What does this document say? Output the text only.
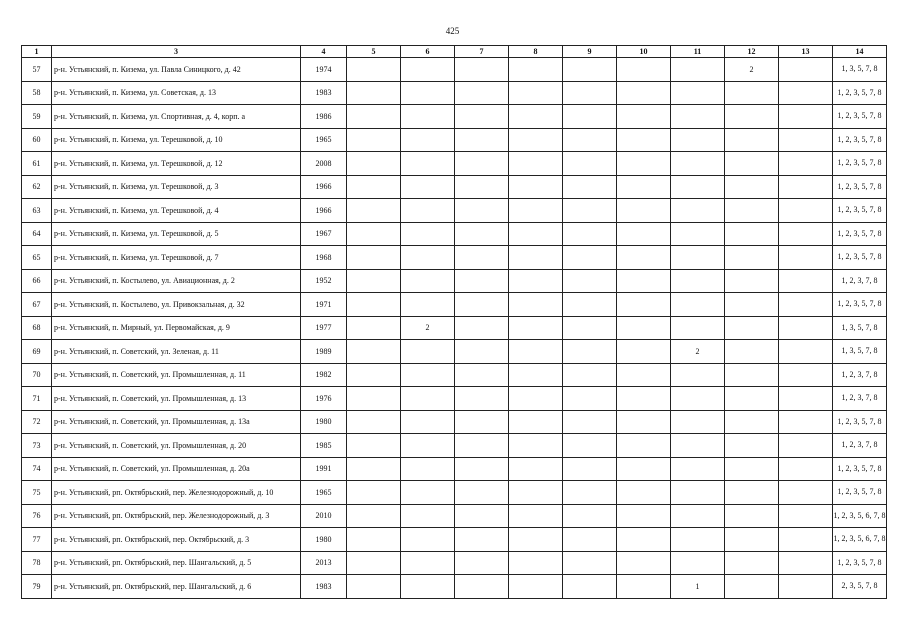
425
1	3	4	5	6	7	8	9	10	11	12	13	14
57	р-н. Устьянский, п. Кизема, ул. Павла Синицкого, д. 42	1974								2		1, 3, 5, 7, 8
58	р-н. Устьянский, п. Кизема, ул. Советская, д. 13	1983										1, 2, 3, 5, 7, 8
59	р-н. Устьянский, п. Кизема, ул. Спортивная, д. 4, корп. а	1986										1, 2, 3, 5, 7, 8
60	р-н. Устьянский, п. Кизема, ул. Терешковой, д. 10	1965										1, 2, 3, 5, 7, 8
61	р-н. Устьянский, п. Кизема, ул. Терешковой, д. 12	2008										1, 2, 3, 5, 7, 8
62	р-н. Устьянский, п. Кизема, ул. Терешковой, д. 3	1966										1, 2, 3, 5, 7, 8
63	р-н. Устьянский, п. Кизема, ул. Терешковой, д. 4	1966										1, 2, 3, 5, 7, 8
64	р-н. Устьянский, п. Кизема, ул. Терешковой, д. 5	1967										1, 2, 3, 5, 7, 8
65	р-н. Устьянский, п. Кизема, ул. Терешковой, д. 7	1968										1, 2, 3, 5, 7, 8
66	р-н. Устьянский, п. Костылево, ул. Авиационная, д. 2	1952										1, 2, 3, 7, 8
67	р-н. Устьянский, п. Костылево, ул. Привокзальная, д. 32	1971										1, 2, 3, 5, 7, 8
68	р-н. Устьянский, п. Мирный, ул. Первомайская, д. 9	1977		2								1, 3, 5, 7, 8
69	р-н. Устьянский, п. Советский, ул. Зеленая, д. 11	1989							2			1, 3, 5, 7, 8
70	р-н. Устьянский, п. Советский, ул. Промышленная, д. 11	1982										1, 2, 3, 7, 8
71	р-н. Устьянский, п. Советский, ул. Промышленная, д. 13	1976										1, 2, 3, 7, 8
72	р-н. Устьянский, п. Советский, ул. Промышленная, д. 13а	1980										1, 2, 3, 5, 7, 8
73	р-н. Устьянский, п. Советский, ул. Промышленная, д. 20	1985										1, 2, 3, 7, 8
74	р-н. Устьянский, п. Советский, ул. Промышленная, д. 20а	1991										1, 2, 3, 5, 7, 8
75	р-н. Устьянский, рп. Октябрьский, пер. Железнодорожный, д. 10	1965										1, 2, 3, 5, 7, 8
76	р-н. Устьянский, рп. Октябрьский, пер. Железнодорожный, д. 3	2010										1, 2, 3, 5, 6, 7, 8
77	р-н. Устьянский, рп. Октябрьский, пер. Октябрьский, д. 3	1980										1, 2, 3, 5, 6, 7, 8
78	р-н. Устьянский, рп. Октябрьский, пер. Шангальский, д. 5	2013										1, 2, 3, 5, 7, 8
79	р-н. Устьянский, рп. Октябрьский, пер. Шангальский, д. 6	1983							1			2, 3, 5, 7, 8
